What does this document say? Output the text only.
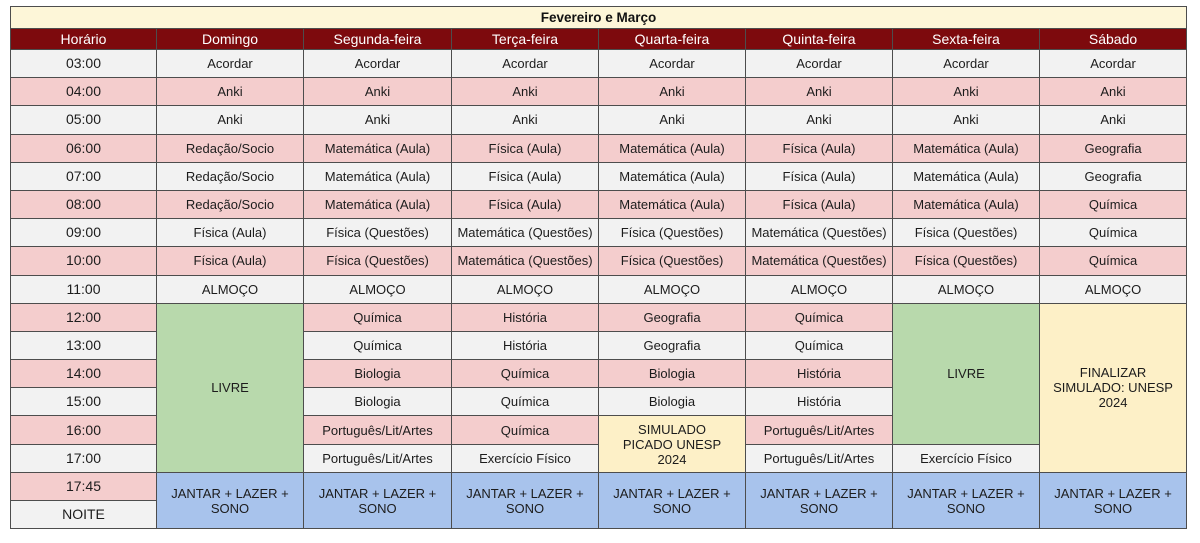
Fevereiro e Março							
Horário	Domingo	Segunda-feira	Terça-feira	Quarta-feira	Quinta-feira	Sexta-feira	Sábado
03:00	Acordar	Acordar	Acordar	Acordar	Acordar	Acordar	Acordar
04:00	Anki	Anki	Anki	Anki	Anki	Anki	Anki
05:00	Anki	Anki	Anki	Anki	Anki	Anki	Anki
06:00	Redação/Socio	Matemática (Aula)	Física (Aula)	Matemática (Aula)	Física (Aula)	Matemática (Aula)	Geografia
07:00	Redação/Socio	Matemática (Aula)	Física (Aula)	Matemática (Aula)	Física (Aula)	Matemática (Aula)	Geografia
08:00	Redação/Socio	Matemática (Aula)	Física (Aula)	Matemática (Aula)	Física (Aula)	Matemática (Aula)	Química
09:00	Física (Aula)	Física (Questões)	Matemática (Questões)	Física (Questões)	Matemática (Questões)	Física (Questões)	Química
10:00	Física (Aula)	Física (Questões)	Matemática (Questões)	Física (Questões)	Matemática (Questões)	Física (Questões)	Química
11:00	ALMOÇO	ALMOÇO	ALMOÇO	ALMOÇO	ALMOÇO	ALMOÇO	ALMOÇO
12:00	LIVRE	Química	História	Geografia	Química	LIVRE	FINALIZAR SIMULADO: UNESP 2024

13:00		Química	História	Geografia	Química		
14:00		Biologia	Química	Biologia	História		
15:00		Biologia	Química	Biologia	História		
16:00		Português/Lit/Artes	Química	SIMULADO PICADO UNESP 2024	Português/Lit/Artes		
17:00		Português/Lit/Artes	Exercício Físico		Português/Lit/Artes	Exercício Físico	
17:45	JANTAR + LAZER + SONO	JANTAR + LAZER + SONO	JANTAR + LAZER + SONO	JANTAR + LAZER + SONO	JANTAR + LAZER + SONO	JANTAR + LAZER + SONO	JANTAR + LAZER + SONO

NOITE							
